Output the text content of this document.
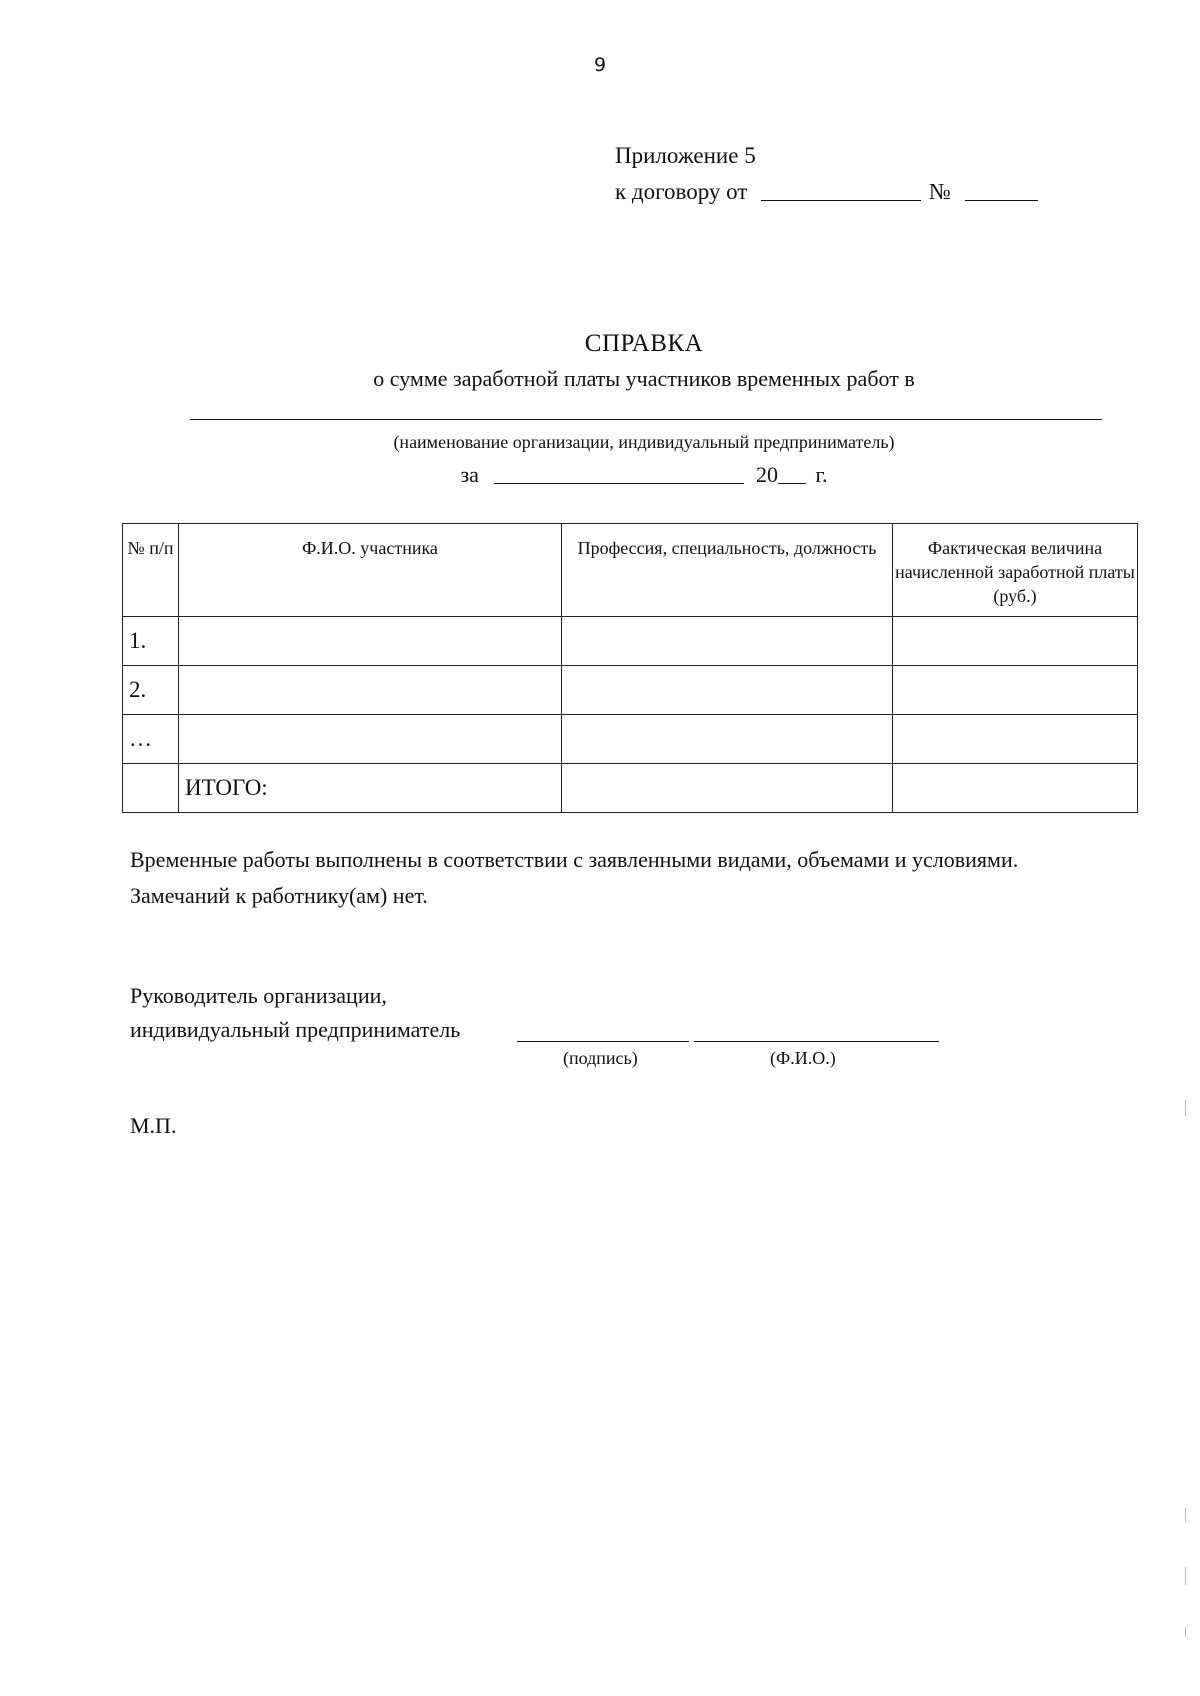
9
Приложение 5
к договору от	№
СПРАВКА
о сумме заработной платы участников временных работ в
(наименование организации, индивидуальный предприниматель)
за	20 г.
№ п/п	Ф.И.О. участника	Профессия, специальность, должность	Фактическая величина начисленной заработной платы (руб.)
1.			
2.			
…			
	ИТОГО:		
Временные работы выполнены в соответствии с заявленными видами, объемами и условиями. Замечаний к работнику(ам) нет.
Руководитель организации,
индивидуальный предприниматель
(подпись)	(Ф.И.О.)
М.П.
